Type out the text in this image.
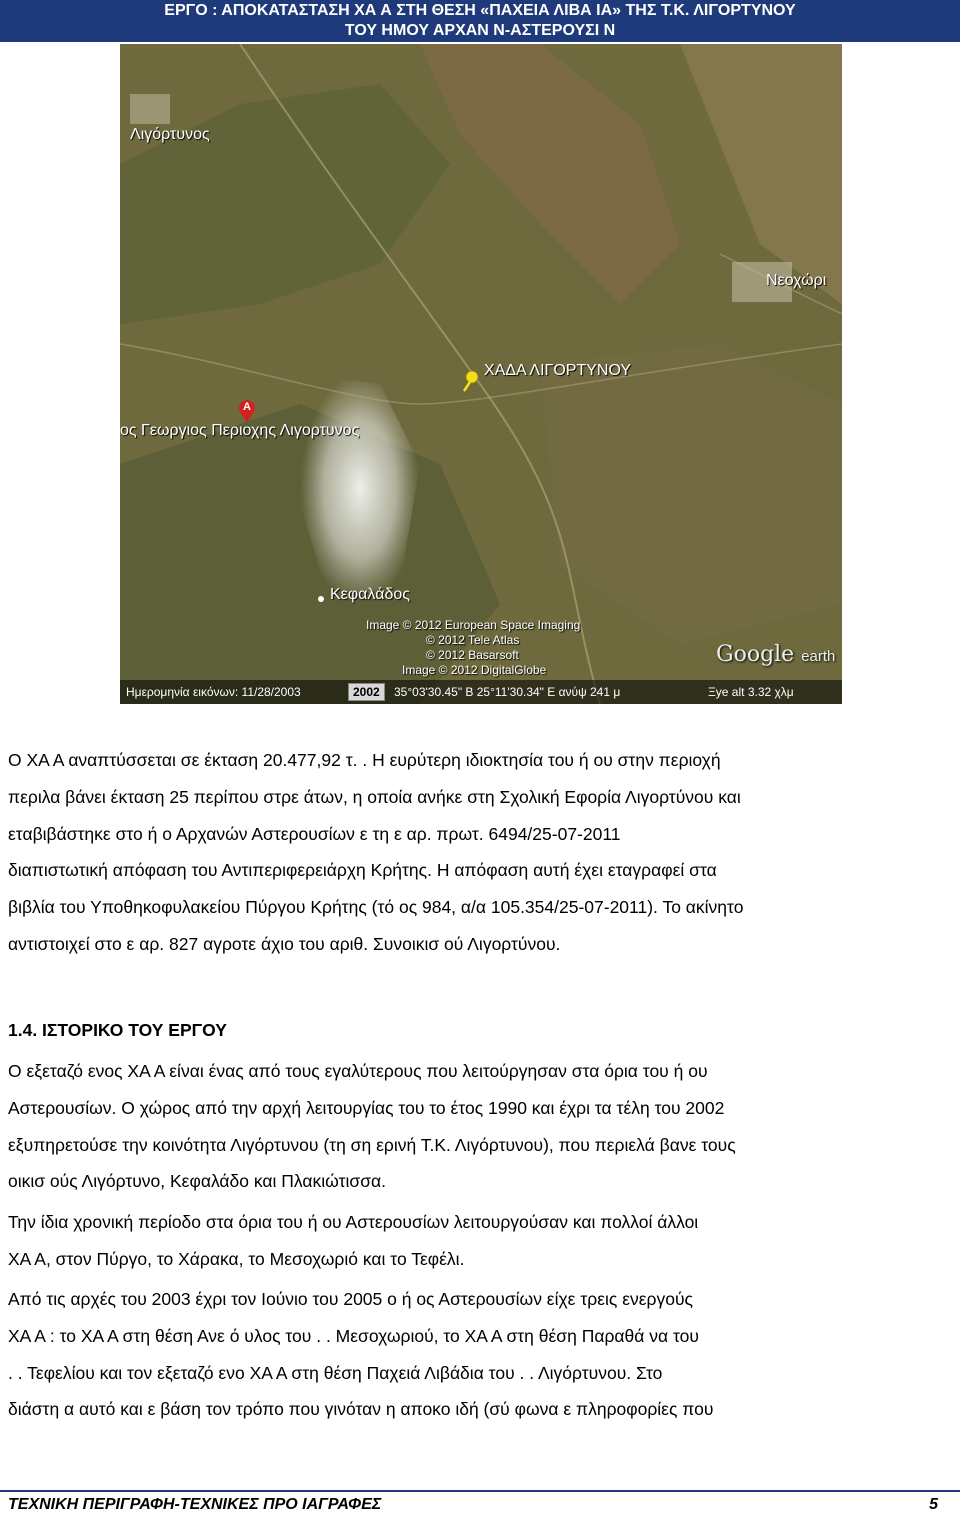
ΕΡΓΟ : ΑΠΟΚΑΤΑΣΤΑΣΗ ΧΑ Α ΣΤΗ ΘΕΣΗ «ΠΑΧΕΙΑ ΛΙΒΑ ΙΑ» ΤΗΣ Τ.Κ. ΛΙΓΟΡΤΥΝΟΥ
ΤΟΥ ΗΜΟΥ ΑΡΧΑΝ Ν-ΑΣΤΕΡΟΥΣΙ Ν
Λιγόρτυνος
Νεοχώρι
ΧΑΔΑ ΛΙΓΟΡΤΥΝΟΥ
A
ος Γεωργιος Περιοχης Λιγορτυνος
Κεφαλάδος
Image © 2012 European Space Imaging
© 2012 Tele Atlas
© 2012 Basarsoft
Image © 2012 DigitalGlobe
Google earth
Ημερομηνία εικόνων: 11/28/2003	2002	35°03'30.45" Β 25°11'30.34" Ε ανύψ 241 μ	Ξye alt 3.32 χλμ
Ο ΧΑ Α αναπτύσσεται σε έκταση 20.477,92 τ. . Η ευρύτερη ιδιοκτησία του ή ου στην περιοχή
περιλα βάνει έκταση 25 περίπου στρε άτων, η οποία ανήκε στη Σχολική Εφορία Λιγορτύνου και
εταβιβάστηκε στο ή ο Αρχανών Αστερουσίων ε τη ε αρ. πρωτ. 6494/25-07-2011
διαπιστωτική απόφαση του Αντιπεριφερειάρχη Κρήτης. Η απόφαση αυτή έχει εταγραφεί στα
βιβλία του Υποθηκοφυλακείου Πύργου Κρήτης (τό ος 984, α/α 105.354/25-07-2011). Το ακίνητο
αντιστοιχεί στο ε αρ. 827 αγροτε άχιο του αριθ. Συνοικισ ού Λιγορτύνου.
1.4. ΙΣΤΟΡΙΚΟ ΤΟΥ ΕΡΓΟΥ
Ο εξεταζό ενος ΧΑ Α είναι ένας από τους εγαλύτερους που λειτούργησαν στα όρια του ή ου
Αστερουσίων. Ο χώρος από την αρχή λειτουργίας του το έτος 1990 και έχρι τα τέλη του 2002
εξυπηρετούσε την κοινότητα Λιγόρτυνου (τη ση ερινή Τ.Κ. Λιγόρτυνου), που περιελά βανε τους
οικισ ούς Λιγόρτυνο, Κεφαλάδο και Πλακιώτισσα.
Την ίδια χρονική περίοδο στα όρια του ή ου Αστερουσίων λειτουργούσαν και πολλοί άλλοι
ΧΑ Α, στον Πύργο, το Χάρακα, το Μεσοχωριό και το Τεφέλι.
Από τις αρχές του 2003 έχρι τον Ιούνιο του 2005 ο ή ος Αστερουσίων είχε τρεις ενεργούς
ΧΑ Α : το ΧΑ Α στη θέση Ανε ό υλος του . . Μεσοχωριού, το ΧΑ Α στη θέση Παραθά να του
. . Τεφελίου και τον εξεταζό ενο ΧΑ Α στη θέση Παχειά Λιβάδια του . . Λιγόρτυνου. Στο
διάστη α αυτό και ε βάση τον τρόπο που γινόταν η αποκο ιδή (σύ φωνα ε πληροφορίες που
ΤΕΧΝΙΚΗ ΠΕΡΙΓΡΑΦΗ-ΤΕΧΝΙΚΕΣ ΠΡΟ ΙΑΓΡΑΦΕΣ	5
